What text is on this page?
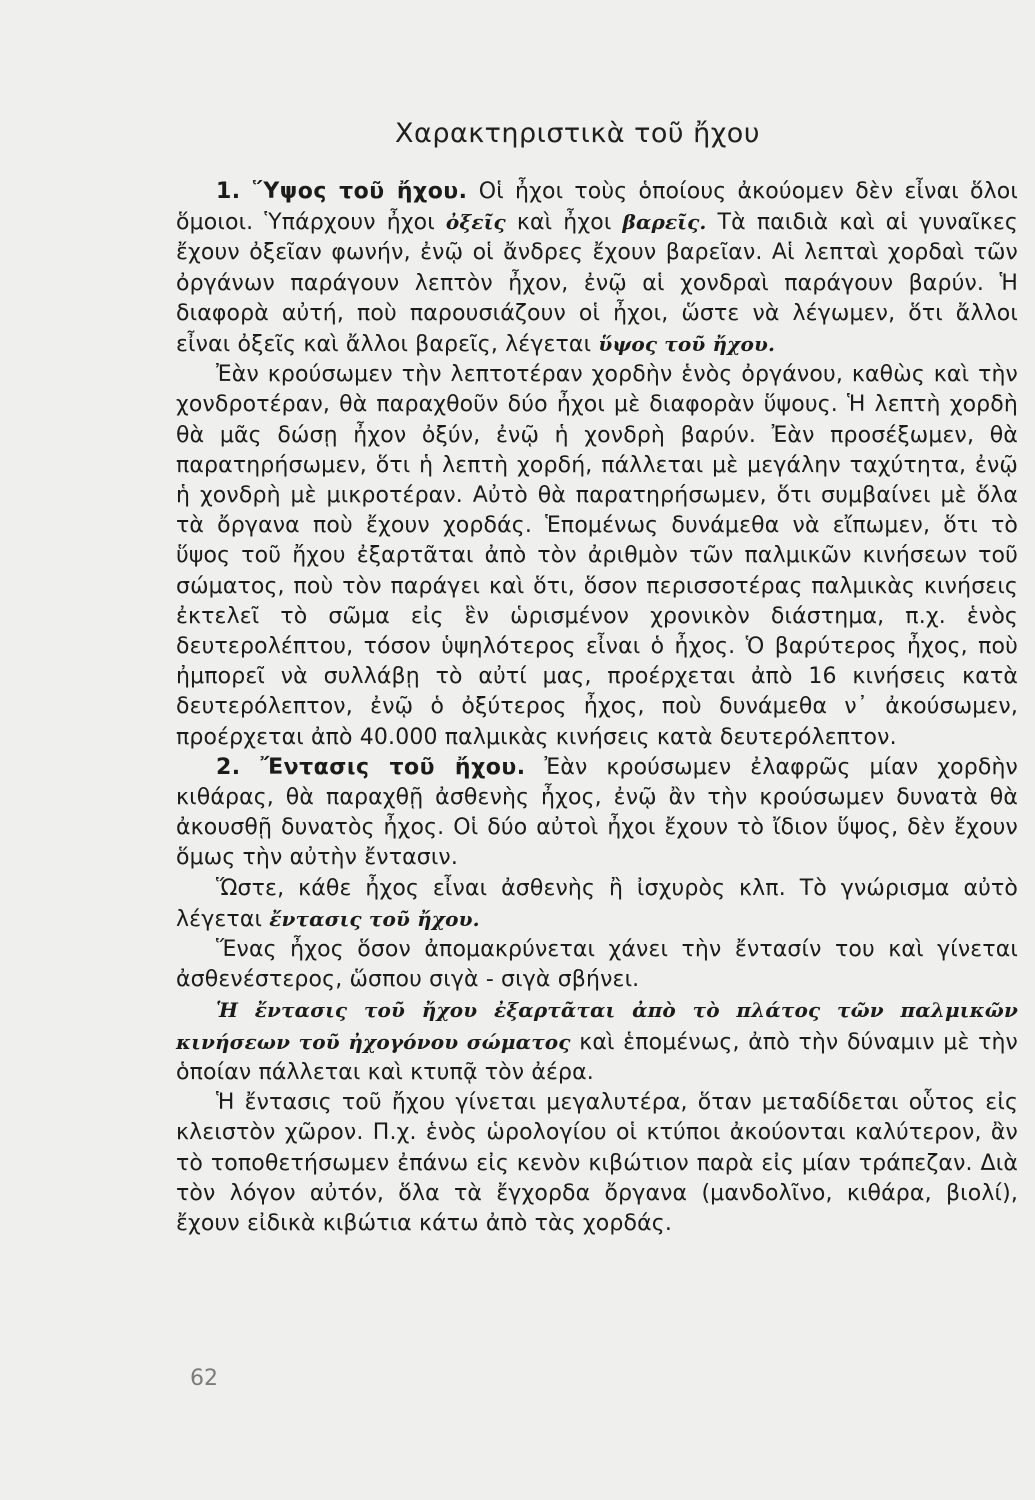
Χαρακτηριστικὰ τοῦ ἤχου

1. Ὕψος τοῦ ἤχου. Οἱ ἦχοι τοὺς ὁποίους ἀκούομεν δὲν εἶναι ὅλοι ὅμοιοι. Ὑπάρχουν ἦχοι ὀξεῖς καὶ ἦχοι βαρεῖς. Τὰ παιδιὰ καὶ αἱ γυναῖκες ἔχουν ὀξεῖαν φωνήν, ἐνῷ οἱ ἄνδρες ἔχουν βαρεῖαν. Αἱ λεπταὶ χορδαὶ τῶν ὀργάνων παράγουν λεπτὸν ἦχον, ἐνῷ αἱ χονδραὶ παράγουν βαρύν. Ἡ διαφορὰ αὐτή, ποὺ παρουσιάζουν οἱ ἦχοι, ὥστε νὰ λέγωμεν, ὅτι ἄλλοι εἶναι ὀξεῖς καὶ ἄλλοι βαρεῖς, λέγεται ὕψος τοῦ ἤχου.

Ἐὰν κρούσωμεν τὴν λεπτοτέραν χορδὴν ἑνὸς ὀργάνου, καθὼς καὶ τὴν χονδροτέραν, θὰ παραχθοῦν δύο ἦχοι μὲ διαφορὰν ὕψους. Ἡ λεπτὴ χορδὴ θὰ μᾶς δώσῃ ἦχον ὀξύν, ἐνῷ ἡ χονδρὴ βαρύν. Ἐὰν προσέξωμεν, θὰ παρατηρήσωμεν, ὅτι ἡ λεπτὴ χορδή, πάλλεται μὲ μεγάλην ταχύτητα, ἐνῷ ἡ χονδρὴ μὲ μικροτέραν. Αὐτὸ θὰ παρατηρήσωμεν, ὅτι συμβαίνει μὲ ὅλα τὰ ὄργανα ποὺ ἔχουν χορδάς. Ἑπομένως δυνάμεθα νὰ εἴπωμεν, ὅτι τὸ ὕψος τοῦ ἤχου ἐξαρτᾶται ἀπὸ τὸν ἀριθμὸν τῶν παλμικῶν κινήσεων τοῦ σώματος, ποὺ τὸν παράγει καὶ ὅτι, ὅσον περισσοτέρας παλμικὰς κινήσεις ἐκτελεῖ τὸ σῶμα εἰς ἓν ὡρισμένον χρονικὸν διάστημα, π.χ. ἑνὸς δευτερολέπτου, τόσον ὑψηλότερος εἶναι ὁ ἦχος. Ὁ βαρύτερος ἦχος, ποὺ ἠμπορεῖ νὰ συλλάβῃ τὸ αὐτί μας, προέρχεται ἀπὸ 16 κινήσεις κατὰ δευτερόλεπτον, ἐνῷ ὁ ὀξύτερος ἦχος, ποὺ δυνάμεθα ν᾽ ἀκούσωμεν, προέρχεται ἀπὸ 40.000 παλμικὰς κινήσεις κατὰ δευτερόλεπτον.

2. Ἔντασις τοῦ ἤχου. Ἐὰν κρούσωμεν ἐλαφρῶς μίαν χορδὴν κιθάρας, θὰ παραχθῇ ἀσθενὴς ἦχος, ἐνῷ ἂν τὴν κρούσωμεν δυνατὰ θὰ ἀκουσθῇ δυνατὸς ἦχος. Οἱ δύο αὐτοὶ ἦχοι ἔχουν τὸ ἴδιον ὕψος, δὲν ἔχουν ὅμως τὴν αὐτὴν ἔντασιν.

Ὥστε, κάθε ἦχος εἶναι ἀσθενὴς ἢ ἰσχυρὸς κλπ. Τὸ γνώρισμα αὐτὸ λέγεται ἔντασις τοῦ ἤχου.

Ἕνας ἦχος ὅσον ἀπομακρύνεται χάνει τὴν ἔντασίν του καὶ γίνεται ἀσθενέστερος, ὥσπου σιγὰ - σιγὰ σβήνει.

Ἡ ἔντασις τοῦ ἤχου ἐξαρτᾶται ἀπὸ τὸ πλάτος τῶν παλμικῶν κινήσεων τοῦ ἠχογόνου σώματος καὶ ἑπομένως, ἀπὸ τὴν δύναμιν μὲ τὴν ὁποίαν πάλλεται καὶ κτυπᾷ τὸν ἀέρα.

Ἡ ἔντασις τοῦ ἤχου γίνεται μεγαλυτέρα, ὅταν μεταδίδεται οὗτος εἰς κλειστὸν χῶρον. Π.χ. ἑνὸς ὡρολογίου οἱ κτύποι ἀκούονται καλύτερον, ἂν τὸ τοποθετήσωμεν ἐπάνω εἰς κενὸν κιβώτιον παρὰ εἰς μίαν τράπεζαν. Διὰ τὸν λόγον αὐτόν, ὅλα τὰ ἔγχορδα ὄργανα (μανδολῖνο, κιθάρα, βιολί), ἔχουν εἰδικὰ κιβώτια κάτω ἀπὸ τὰς χορδάς.

62
